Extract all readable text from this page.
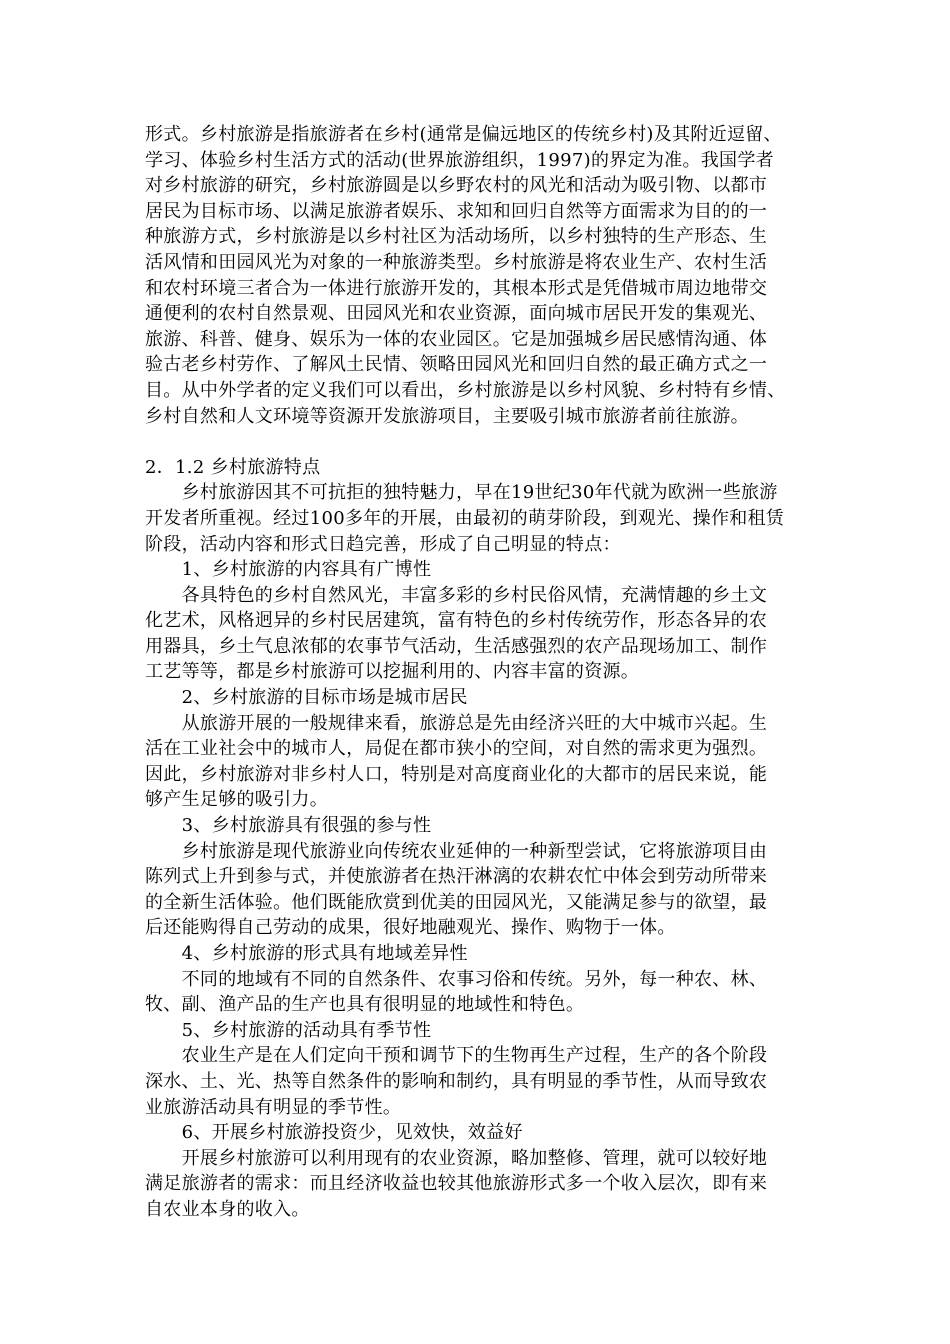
形式。乡村旅游是指旅游者在乡村(通常是偏远地区的传统乡村)及其附近逗留、
学习、体验乡村生活方式的活动(世界旅游组织，1997)的界定为准。我国学者
对乡村旅游的研究，乡村旅游圆是以乡野农村的风光和活动为吸引物、以都市
居民为目标市场、以满足旅游者娱乐、求知和回归自然等方面需求为目的的一
种旅游方式，乡村旅游是以乡村社区为活动场所，以乡村独特的生产形态、生
活风情和田园风光为对象的一种旅游类型。乡村旅游是将农业生产、农村生活
和农村环境三者合为一体进行旅游开发的，其根本形式是凭借城市周边地带交
通便利的农村自然景观、田园风光和农业资源，面向城市居民开发的集观光、
旅游、科普、健身、娱乐为一体的农业园区。它是加强城乡居民感情沟通、体
验古老乡村劳作、了解风土民情、领略田园风光和回归自然的最正确方式之一
目。从中外学者的定义我们可以看出，乡村旅游是以乡村风貌、乡村特有乡情、
乡村自然和人文环境等资源开发旅游项目，主要吸引城市旅游者前往旅游。
2．1.2 乡村旅游特点
　　乡村旅游因其不可抗拒的独特魅力，早在19世纪30年代就为欧洲一些旅游
开发者所重视。经过100多年的开展，由最初的萌芽阶段，到观光、操作和租赁
阶段，活动内容和形式日趋完善，形成了自己明显的特点：
　　1、乡村旅游的内容具有广博性
　　各具特色的乡村自然风光，丰富多彩的乡村民俗风情，充满情趣的乡土文
化艺术，风格迥异的乡村民居建筑，富有特色的乡村传统劳作，形态各异的农
用器具，乡土气息浓郁的农事节气活动，生活感强烈的农产品现场加工、制作
工艺等等，都是乡村旅游可以挖掘利用的、内容丰富的资源。
　　2、乡村旅游的目标市场是城市居民
　　从旅游开展的一般规律来看，旅游总是先由经济兴旺的大中城市兴起。生
活在工业社会中的城市人，局促在都市狭小的空间，对自然的需求更为强烈。
因此，乡村旅游对非乡村人口，特别是对高度商业化的大都市的居民来说，能
够产生足够的吸引力。
　　3、乡村旅游具有很强的参与性
　　乡村旅游是现代旅游业向传统农业延伸的一种新型尝试，它将旅游项目由
陈列式上升到参与式，并使旅游者在热汗淋漓的农耕农忙中体会到劳动所带来
的全新生活体验。他们既能欣赏到优美的田园风光，又能满足参与的欲望，最
后还能购得自己劳动的成果，很好地融观光、操作、购物于一体。
　　4、乡村旅游的形式具有地域差异性
　　不同的地域有不同的自然条件、农事习俗和传统。另外，每一种农、林、
牧、副、渔产品的生产也具有很明显的地域性和特色。
　　5、乡村旅游的活动具有季节性
　　农业生产是在人们定向干预和调节下的生物再生产过程，生产的各个阶段
深水、土、光、热等自然条件的影响和制约，具有明显的季节性，从而导致农
业旅游活动具有明显的季节性。
　　6、开展乡村旅游投资少，见效快，效益好
　　开展乡村旅游可以利用现有的农业资源，略加整修、管理，就可以较好地
满足旅游者的需求：而且经济收益也较其他旅游形式多一个收入层次，即有来
自农业本身的收入。
